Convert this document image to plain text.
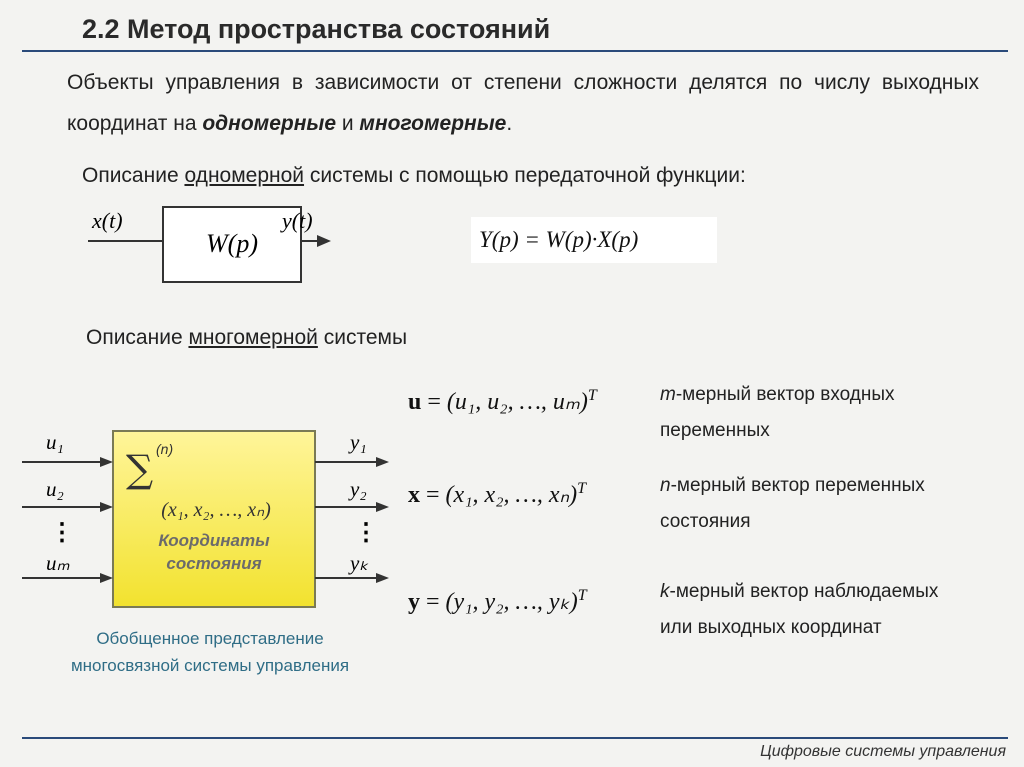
2.2 Метод пространства состояний
Объекты управления в зависимости от степени сложности делятся по числу выходных координат на одномерные и многомерные.
Описание одномерной системы с помощью передаточной функции:
x(t)
W(p)
y(t)
Y(p) = W(p)·X(p)
Описание многомерной системы
u₁
u₂
⋮
uₘ
y₁
y₂
⋮
yₖ
∑ (n)
(x₁, x₂, …, xₙ)
Координаты
состояния
Обобщенное представление
многосвязной системы управления
u = (u₁, u₂, …, uₘ)$^T$	m-мерный вектор входных
переменных
x = (x₁, x₂, …, xₙ)$^T$	n-мерный вектор переменных
состояния
y = (y₁, y₂, …, yₖ)$^T$	k-мерный вектор наблюдаемых
или выходных координат
Цифровые системы управления
